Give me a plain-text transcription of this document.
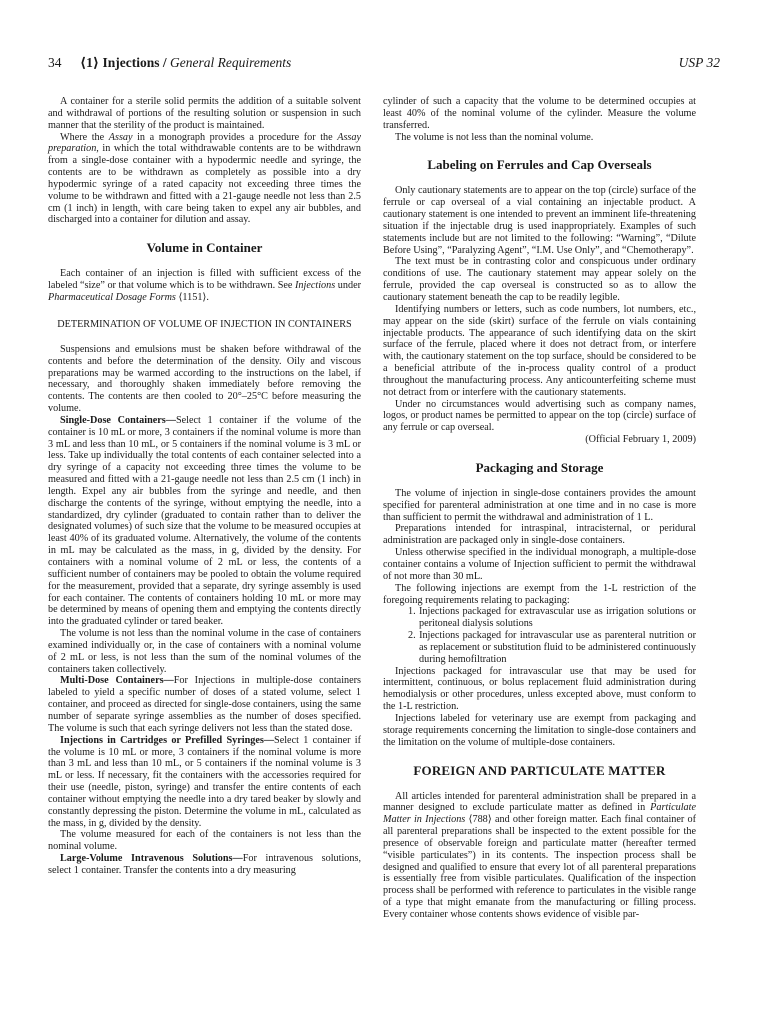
34 ⟨1⟩ Injections / General Requirements	USP 32

A container for a sterile solid permits the addition of a suitable solvent and withdrawal of portions of the resulting solution or suspension in such manner that the sterility of the product is maintained.

Where the Assay in a monograph provides a procedure for the Assay preparation, in which the total withdrawable contents are to be withdrawn from a single-dose container with a hypodermic needle and syringe, the contents are to be withdrawn as completely as possible into a dry hypodermic syringe of a rated capacity not exceeding three times the volume to be withdrawn and fitted with a 21-gauge needle not less than 2.5 cm (1 inch) in length, with care being taken to expel any air bubbles, and discharged into a container for dilution and assay.

Volume in Container

Each container of an injection is filled with sufficient excess of the labeled “size” or that volume which is to be withdrawn. See Injections under Pharmaceutical Dosage Forms ⟨1151⟩.

DETERMINATION OF VOLUME OF INJECTION IN CONTAINERS

Suspensions and emulsions must be shaken before withdrawal of the contents and before the determination of the density. Oily and viscous preparations may be warmed according to the instructions on the label, if necessary, and thoroughly shaken immediately before removing the contents. The contents are then cooled to 20°–25°C before measuring the volume.

Single-Dose Containers—Select 1 container if the volume of the container is 10 mL or more, 3 containers if the nominal volume is more than 3 mL and less than 10 mL, or 5 containers if the nominal volume is 3 mL or less. Take up individually the total contents of each container selected into a dry syringe of a capacity not exceeding three times the volume to be measured and fitted with a 21-gauge needle not less than 2.5 cm (1 inch) in length. Expel any air bubbles from the syringe and needle, and then discharge the contents of the syringe, without emptying the needle, into a standardized, dry cylinder (graduated to contain rather than to deliver the designated volumes) of such size that the volume to be measured occupies at least 40% of its graduated volume. Alternatively, the volume of the contents in mL may be calculated as the mass, in g, divided by the density. For containers with a nominal volume of 2 mL or less, the contents of a sufficient number of containers may be pooled to obtain the volume required for the measurement, provided that a separate, dry syringe assembly is used for each container. The contents of containers holding 10 mL or more may be determined by means of opening them and emptying the contents directly into the graduated cylinder or tared beaker.

The volume is not less than the nominal volume in the case of containers examined individually or, in the case of containers with a nominal volume of 2 mL or less, is not less than the sum of the nominal volumes of the containers taken collectively.

Multi-Dose Containers—For Injections in multiple-dose containers labeled to yield a specific number of doses of a stated volume, select 1 container, and proceed as directed for single-dose containers, using the same number of separate syringe assemblies as the number of doses specified. The volume is such that each syringe delivers not less than the stated dose.

Injections in Cartridges or Prefilled Syringes—Select 1 container if the volume is 10 mL or more, 3 containers if the nominal volume is more than 3 mL and less than 10 mL, or 5 containers if the nominal volume is 3 mL or less. If necessary, fit the containers with the accessories required for their use (needle, piston, syringe) and transfer the entire contents of each container without emptying the needle into a dry tared beaker by slowly and constantly depressing the piston. Determine the volume in mL, calculated as the mass, in g, divided by the density.

The volume measured for each of the containers is not less than the nominal volume.

Large-Volume Intravenous Solutions—For intravenous solutions, select 1 container. Transfer the contents into a dry measuring

cylinder of such a capacity that the volume to be determined occupies at least 40% of the nominal volume of the cylinder. Measure the volume transferred.

The volume is not less than the nominal volume.

Labeling on Ferrules and Cap Overseals

Only cautionary statements are to appear on the top (circle) surface of the ferrule or cap overseal of a vial containing an injectable product. A cautionary statement is one intended to prevent an imminent life-threatening situation if the injectable drug is used inappropriately. Examples of such statements include but are not limited to the following: “Warning”, “Dilute Before Using”, “Paralyzing Agent”, “I.M. Use Only”, and “Chemotherapy”.

The text must be in contrasting color and conspicuous under ordinary conditions of use. The cautionary statement may appear solely on the ferrule, provided the cap overseal is constructed so as to allow the cautionary statement beneath the cap to be readily legible.

Identifying numbers or letters, such as code numbers, lot numbers, etc., may appear on the side (skirt) surface of the ferrule on vials containing injectable products. The appearance of such identifying data on the skirt surface of the ferrule, placed where it does not detract from, or interfere with, the cautionary statement on the top surface, should be considered to be a beneficial attribute of the in-process quality control of a product throughout the manufacturing process. Any anticounterfeiting scheme must not detract from or interfere with the cautionary statements.

Under no circumstances would advertising such as company names, logos, or product names be permitted to appear on the top (circle) surface of any ferrule or cap overseal.

(Official February 1, 2009)

Packaging and Storage

The volume of injection in single-dose containers provides the amount specified for parenteral administration at one time and in no case is more than sufficient to permit the withdrawal and administration of 1 L.

Preparations intended for intraspinal, intracisternal, or peridural administration are packaged only in single-dose containers.

Unless otherwise specified in the individual monograph, a multiple-dose container contains a volume of Injection sufficient to permit the withdrawal of not more than 30 mL.

The following injections are exempt from the 1-L restriction of the foregoing requirements relating to packaging:

1. Injections packaged for extravascular use as irrigation solutions or peritoneal dialysis solutions
2. Injections packaged for intravascular use as parenteral nutrition or as replacement or substitution fluid to be administered continuously during hemofiltration

Injections packaged for intravascular use that may be used for intermittent, continuous, or bolus replacement fluid administration during hemodialysis or other procedures, unless excepted above, must conform to the 1-L restriction.

Injections labeled for veterinary use are exempt from packaging and storage requirements concerning the limitation to single-dose containers and the limitation on the volume of multiple-dose containers.

FOREIGN AND PARTICULATE MATTER

All articles intended for parenteral administration shall be prepared in a manner designed to exclude particulate matter as defined in Particulate Matter in Injections ⟨788⟩ and other foreign matter. Each final container of all parenteral preparations shall be inspected to the extent possible for the presence of observable foreign and particulate matter (hereafter termed “visible particulates”) in its contents. The inspection process shall be designed and qualified to ensure that every lot of all parenteral preparations is essentially free from visible particulates. Qualification of the inspection process shall be performed with reference to particulates in the visible range of a type that might emanate from the manufacturing or filling process. Every container whose contents shows evidence of visible par-
